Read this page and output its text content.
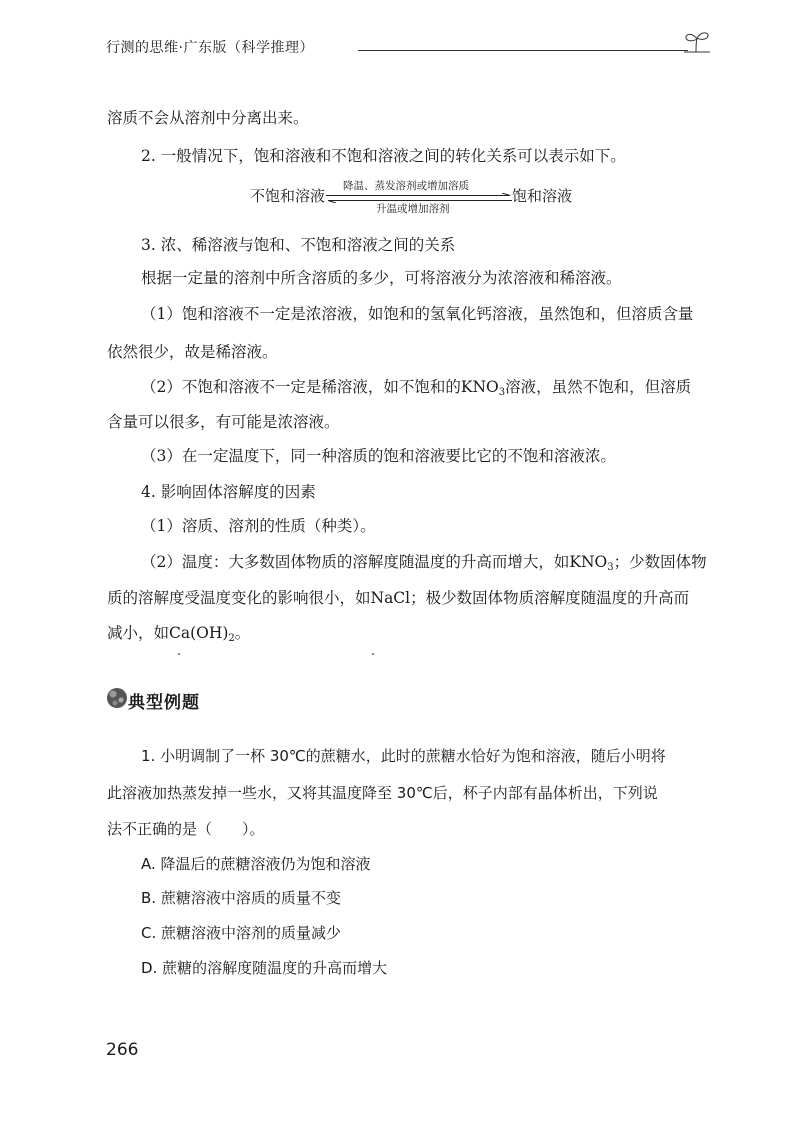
行测的思维·广东版（科学推理）
溶质不会从溶剂中分离出来。
2. 一般情况下，饱和溶液和不饱和溶液之间的转化关系可以表示如下。
不饱和溶液
降温、蒸发溶剂或增加溶质
升温或增加溶剂
饱和溶液
3. 浓、稀溶液与饱和、不饱和溶液之间的关系
根据一定量的溶剂中所含溶质的多少，可将溶液分为浓溶液和稀溶液。
（1）饱和溶液不一定是浓溶液，如饱和的氢氧化钙溶液，虽然饱和，但溶质含量
依然很少，故是稀溶液。
（2）不饱和溶液不一定是稀溶液，如不饱和的$KNO_3$溶液，虽然不饱和，但溶质
含量可以很多，有可能是浓溶液。
（3）在一定温度下，同一种溶质的饱和溶液要比它的不饱和溶液浓。
4. 影响固体溶解度的因素
（1）溶质、溶剂的性质（种类）。
（2）温度：大多数固体物质的溶解度随温度的升高而增大，如$KNO_3$；少数固体物
质的溶解度受温度变化的影响很小，如NaCl；极少数固体物质溶解度随温度的升高而
减小，如$Ca(OH)_2$。
典型例题
1. 小明调制了一杯 30℃的蔗糖水，此时的蔗糖水恰好为饱和溶液，随后小明将
此溶液加热蒸发掉一些水，又将其温度降至 30℃后，杯子内部有晶体析出，下列说
法不正确的是（　　）。
A. 降温后的蔗糖溶液仍为饱和溶液
B. 蔗糖溶液中溶质的质量不变
C. 蔗糖溶液中溶剂的质量减少
D. 蔗糖的溶解度随温度的升高而增大
266
